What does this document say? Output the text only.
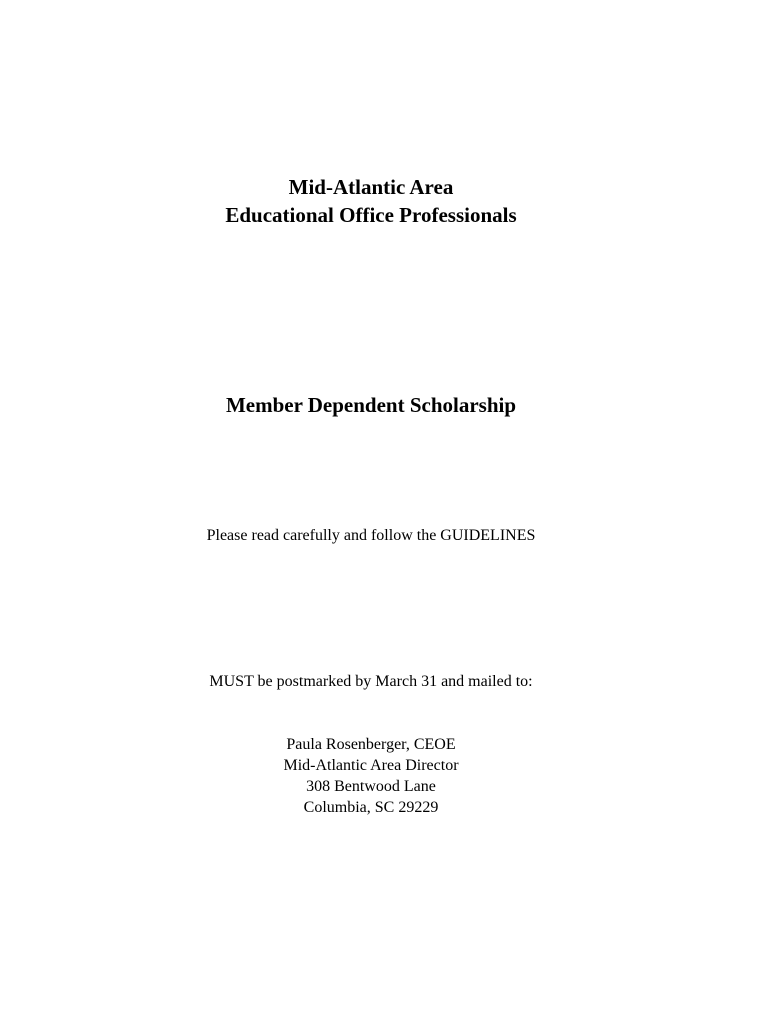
Mid-Atlantic Area
Educational Office Professionals
Member Dependent Scholarship
Please read carefully and follow the GUIDELINES
MUST be postmarked by March 31 and mailed to:
Paula Rosenberger, CEOE
Mid-Atlantic Area Director
308 Bentwood Lane
Columbia, SC 29229
